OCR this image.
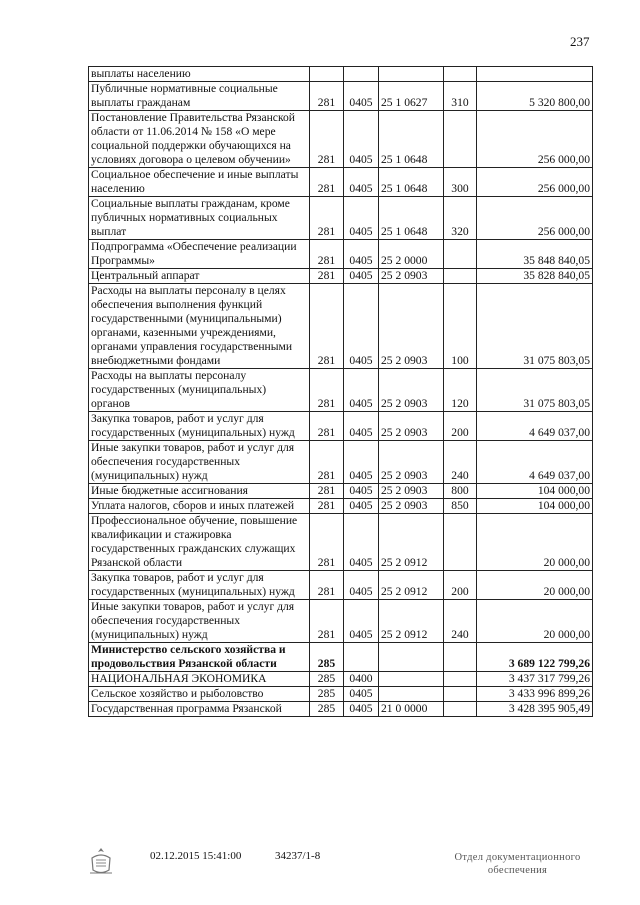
237
выплаты населению					
Публичные нормативные социальные выплаты гражданам	281	0405	25 1 0627	310	5 320 800,00
Постановление Правительства Рязанской области от 11.06.2014 № 158 «О мере социальной поддержки обучающихся на условиях договора о целевом обучении»	281	0405	25 1 0648		256 000,00
Социальное обеспечение и иные выплаты населению	281	0405	25 1 0648	300	256 000,00
Социальные выплаты гражданам, кроме публичных нормативных социальных выплат	281	0405	25 1 0648	320	256 000,00
Подпрограмма «Обеспечение реализации Программы»	281	0405	25 2 0000		35 848 840,05
Центральный аппарат	281	0405	25 2 0903		35 828 840,05
Расходы на выплаты персоналу в целях обеспечения выполнения функций государственными (муниципальными) органами, казенными учреждениями, органами управления государственными внебюджетными фондами	281	0405	25 2 0903	100	31 075 803,05
Расходы на выплаты персоналу государственных (муниципальных) органов	281	0405	25 2 0903	120	31 075 803,05
Закупка товаров, работ и услуг для государственных (муниципальных) нужд	281	0405	25 2 0903	200	4 649 037,00
Иные закупки товаров, работ и услуг для обеспечения государственных (муниципальных) нужд	281	0405	25 2 0903	240	4 649 037,00
Иные бюджетные ассигнования	281	0405	25 2 0903	800	104 000,00
Уплата налогов, сборов и иных платежей	281	0405	25 2 0903	850	104 000,00
Профессиональное обучение, повышение квалификации и стажировка государственных гражданских служащих Рязанской области	281	0405	25 2 0912		20 000,00
Закупка товаров, работ и услуг для государственных (муниципальных) нужд	281	0405	25 2 0912	200	20 000,00
Иные закупки товаров, работ и услуг для обеспечения государственных (муниципальных) нужд	281	0405	25 2 0912	240	20 000,00
Министерство сельского хозяйства и продовольствия Рязанской области	285				3 689 122 799,26
НАЦИОНАЛЬНАЯ ЭКОНОМИКА	285	0400			3 437 317 799,26
Сельское хозяйство и рыболовство	285	0405			3 433 996 899,26
Государственная программа Рязанской	285	0405	21 0 0000		3 428 395 905,49
02.12.2015 15:41:00	34237/1-8	Отдел документационного обеспечения
